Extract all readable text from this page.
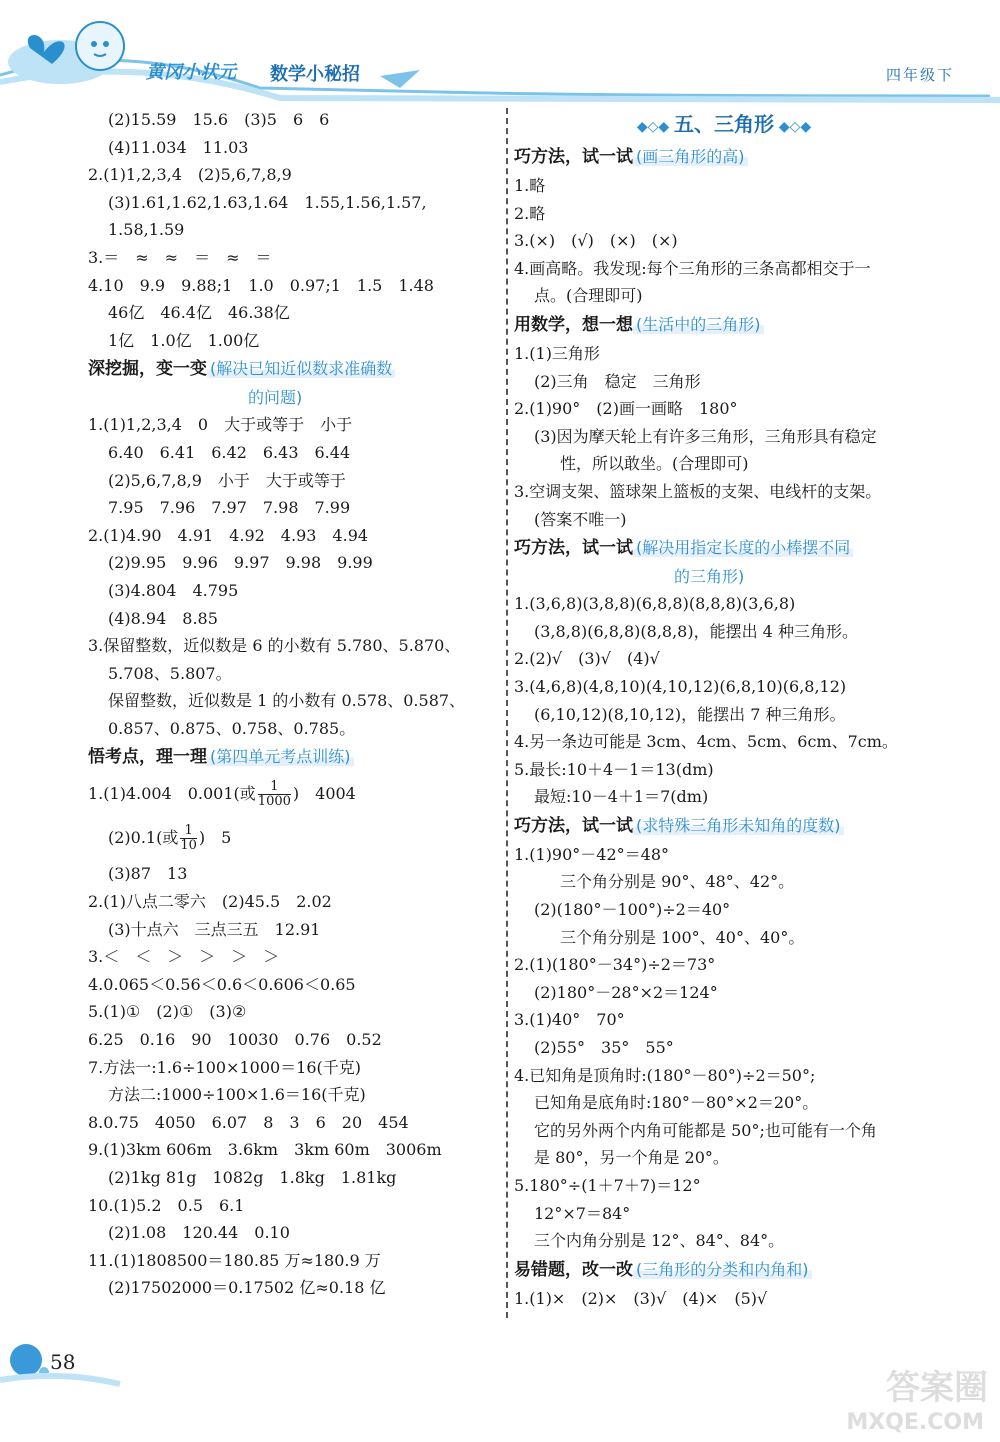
黄冈小状元 数学小秘招	四年级下
(2)15.59　15.6　(3)5　6　6
(4)11.034　11.03
2.(1)1,2,3,4　(2)5,6,7,8,9
(3)1.61,1.62,1.63,1.64　1.55,1.56,1.57,
1.58,1.59
3.＝　≈　≈　＝　≈　＝
4.10　9.9　9.88;1　1.0　0.97;1　1.5　1.48
46亿　46.4亿　46.38亿
1亿　1.0亿　1.00亿
深挖掘，变一变 (解决已知近似数求准确数
的问题)
1.(1)1,2,3,4　0　大于或等于　小于
6.40　6.41　6.42　6.43　6.44
(2)5,6,7,8,9　小于　大于或等于
7.95　7.96　7.97　7.98　7.99
2.(1)4.90　4.91　4.92　4.93　4.94
(2)9.95　9.96　9.97　9.98　9.99
(3)4.804　4.795
(4)8.94　8.85
3.保留整数，近似数是 6 的小数有 5.780、5.870、
5.708、5.807。
保留整数，近似数是 1 的小数有 0.578、0.587、
0.857、0.875、0.758、0.785。
悟考点，理一理 (第四单元考点训练)
1.(1)4.004　0.001(或 $\frac{1}{1000}$ )　4004
(2)0.1(或 $\frac{1}{10}$ )　5
(3)87　13
2.(1)八点二零六　(2)45.5　2.02
(3)十点六　三点三五　12.91
3.＜　＜　＞　＞　＞　＞
4.0.065＜0.56＜0.6＜0.606＜0.65
5.(1)①　(2)①　(3)②
6.25　0.16　90　10030　0.76　0.52
7.方法一:1.6÷100×1000＝16(千克)
方法二:1000÷100×1.6＝16(千克)
8.0.75　4050　6.07　8　3　6　20　454
9.(1)3km 606m　3.6km　3km 60m　3006m
(2)1kg 81g　1082g　1.8kg　1.81kg
10.(1)5.2　0.5　6.1
(2)1.08　120.44　0.10
11.(1)1808500＝180.85 万≈180.9 万
(2)17502000＝0.17502 亿≈0.18 亿
◆◇◆ 五、三角形 ◆◇◆
巧方法，试一试 (画三角形的高)
1.略
2.略
3.(×)　(√)　(×)　(×)
4.画高略。我发现:每个三角形的三条高都相交于一
点。(合理即可)
用数学，想一想 (生活中的三角形)
1.(1)三角形
(2)三角　稳定　三角形
2.(1)90°　(2)画一画略　180°
(3)因为摩天轮上有许多三角形，三角形具有稳定
性，所以敢坐。(合理即可)
3.空调支架、篮球架上篮板的支架、电线杆的支架。
(答案不唯一)
巧方法，试一试 (解决用指定长度的小棒摆不同
的三角形)
1.(3,6,8)(3,8,8)(6,8,8)(8,8,8)(3,6,8)
(3,8,8)(6,8,8)(8,8,8)，能摆出 4 种三角形。
2.(2)√　(3)√　(4)√
3.(4,6,8)(4,8,10)(4,10,12)(6,8,10)(6,8,12)
(6,10,12)(8,10,12)，能摆出 7 种三角形。
4.另一条边可能是 3cm、4cm、5cm、6cm、7cm。
5.最长:10＋4－1＝13(dm)
最短:10－4＋1＝7(dm)
巧方法，试一试 (求特殊三角形未知角的度数)
1.(1)90°－42°＝48°
三个角分别是 90°、48°、42°。
(2)(180°－100°)÷2＝40°
三个角分别是 100°、40°、40°。
2.(1)(180°－34°)÷2＝73°
(2)180°－28°×2＝124°
3.(1)40°　70°
(2)55°　35°　55°
4.已知角是顶角时:(180°－80°)÷2＝50°;
已知角是底角时:180°－80°×2＝20°。
它的另外两个内角可能都是 50°;也可能有一个角
是 80°，另一个角是 20°。
5.180°÷(1＋7＋7)＝12°
12°×7＝84°
三个内角分别是 12°、84°、84°。
易错题，改一改 (三角形的分类和内角和)
1.(1)×　(2)×　(3)√　(4)×　(5)√
58
答案圈
MXQE.COM
